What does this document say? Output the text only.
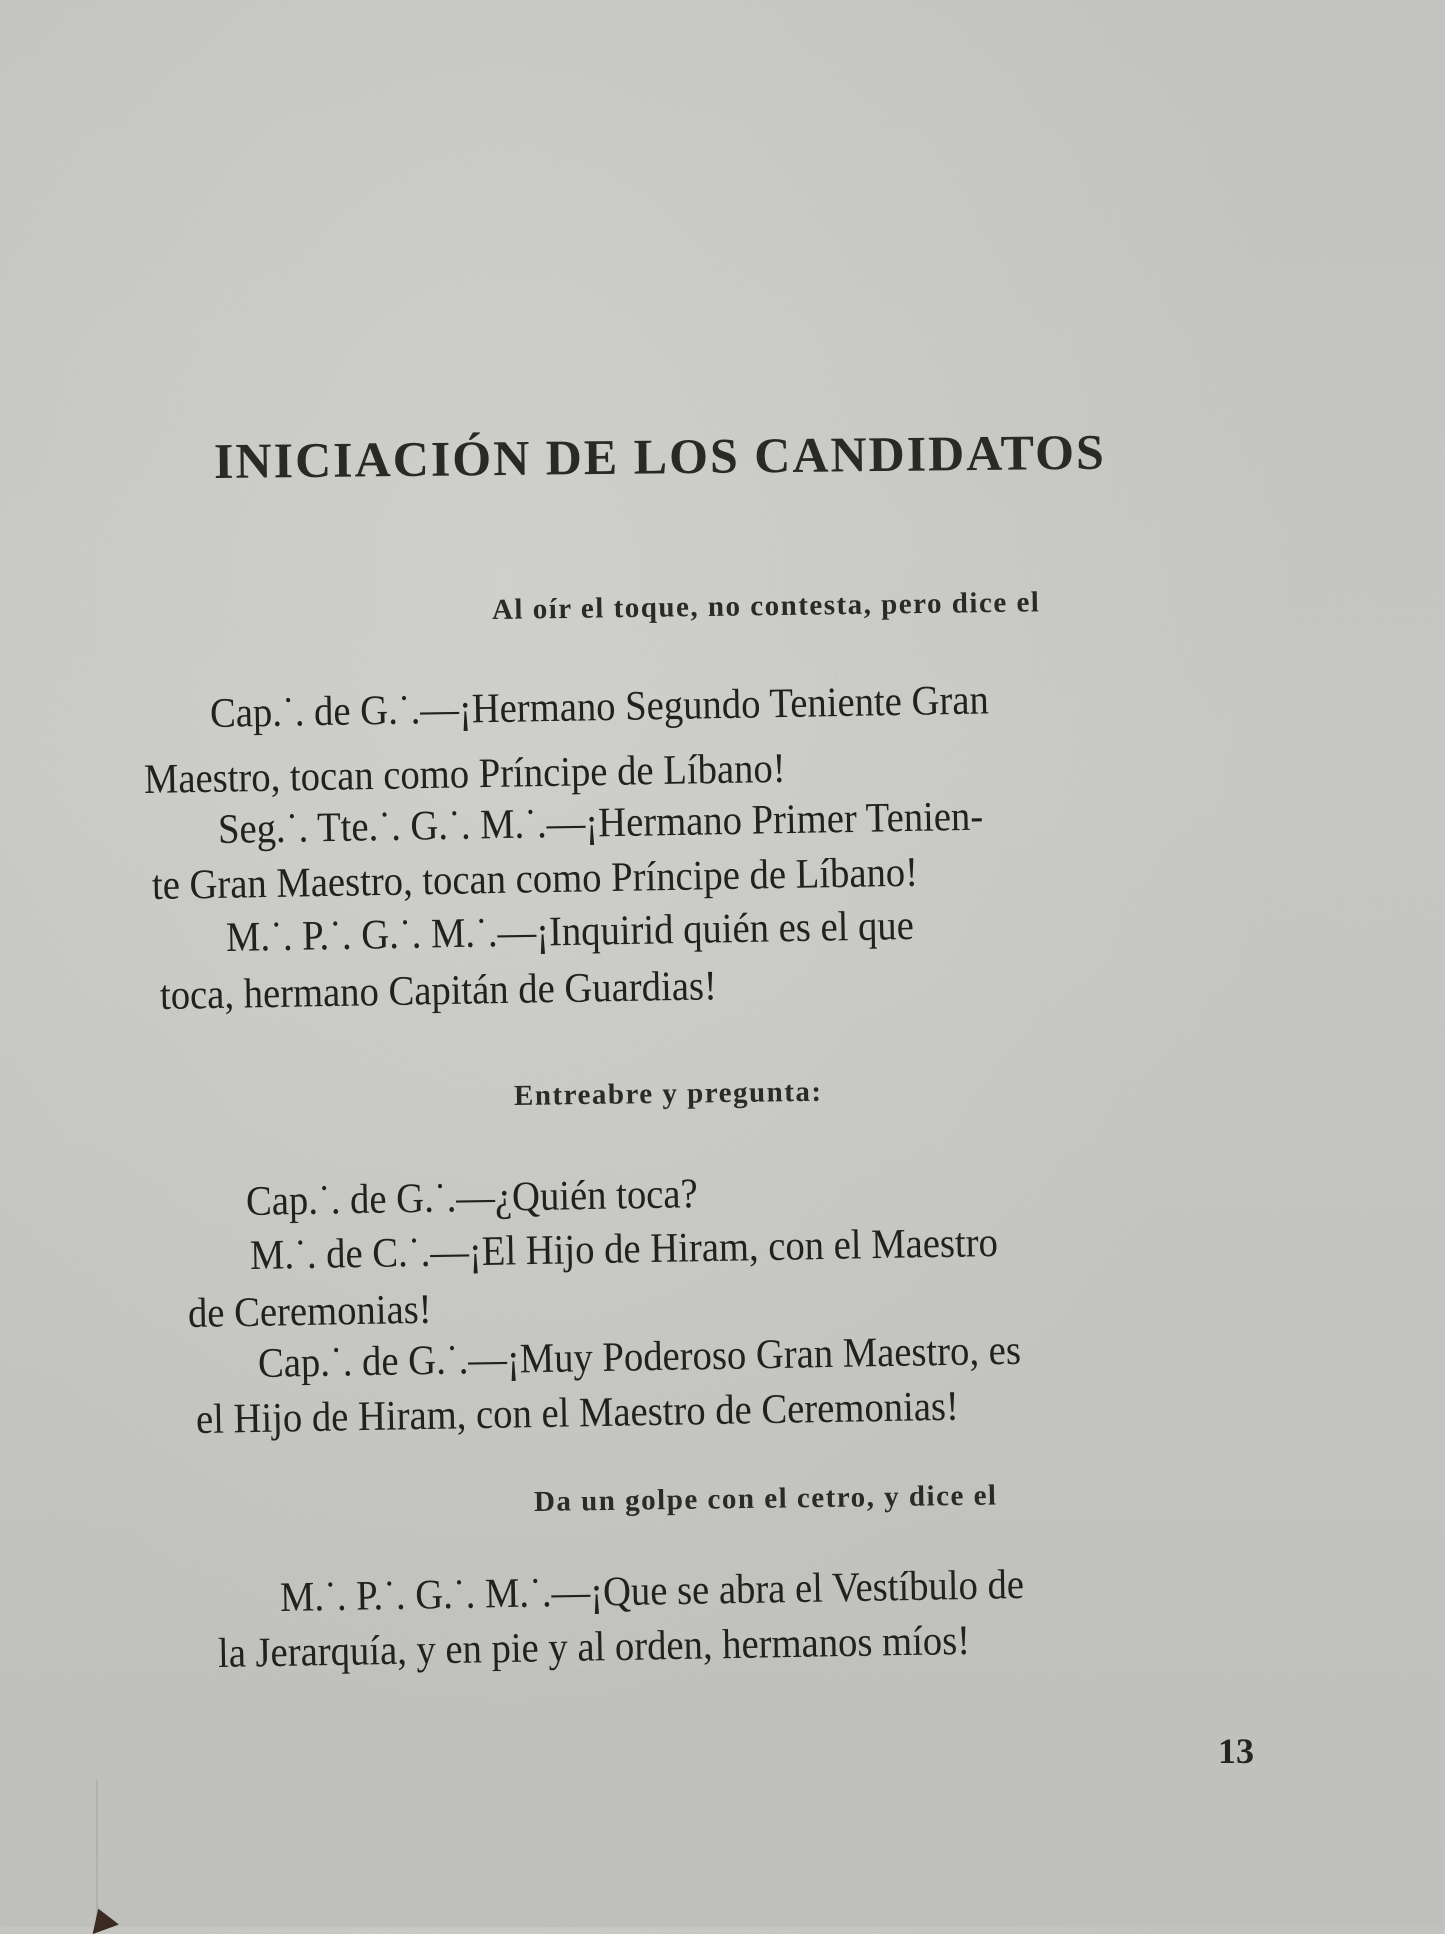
INICIACIÓN DE LOS CANDIDATOS
Al oír el toque, no contesta, pero dice el
Cap.˙. de G.˙.—¡Hermano Segundo Teniente Gran
Maestro, tocan como Príncipe de Líbano!
Seg.˙. Tte.˙. G.˙. M.˙.—¡Hermano Primer Tenien-
te Gran Maestro, tocan como Príncipe de Líbano!
M.˙. P.˙. G.˙. M.˙.—¡Inquirid quién es el que
toca, hermano Capitán de Guardias!
Entreabre y pregunta:
Cap.˙. de G.˙.—¿Quién toca?
M.˙. de C.˙.—¡El Hijo de Hiram, con el Maestro
de Ceremonias!
Cap.˙. de G.˙.—¡Muy Poderoso Gran Maestro, es
el Hijo de Hiram, con el Maestro de Ceremonias!
Da un golpe con el cetro, y dice el
M.˙. P.˙. G.˙. M.˙.—¡Que se abra el Vestíbulo de
la Jerarquía, y en pie y al orden, hermanos míos!
13
